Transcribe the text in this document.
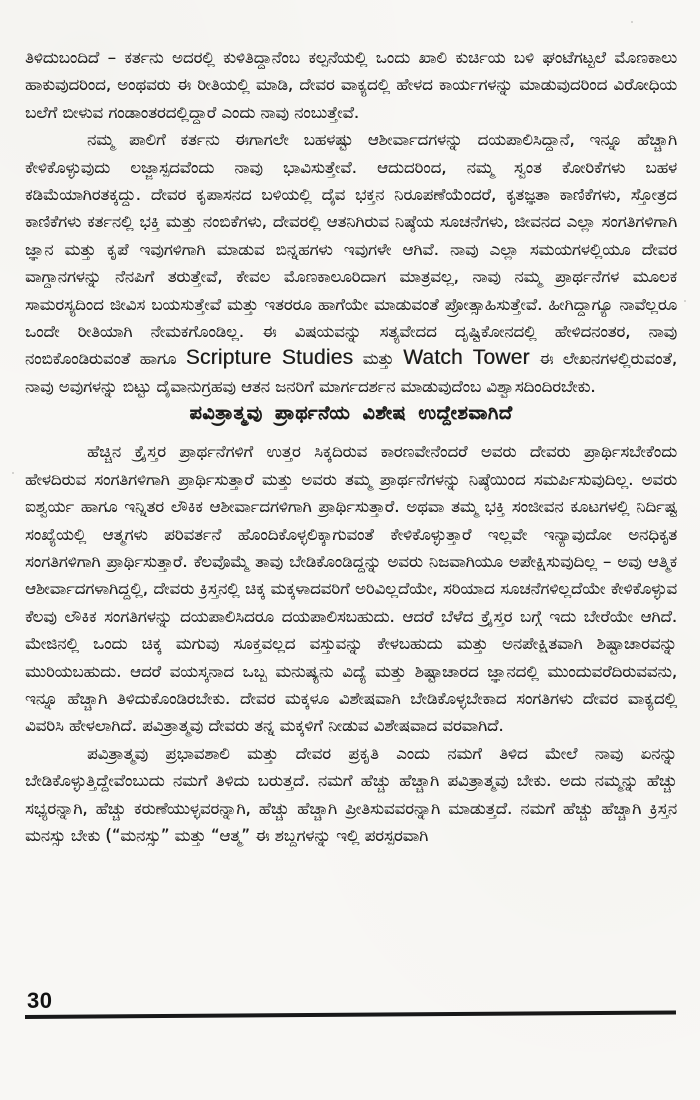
ತಿಳಿದುಬಂದಿದೆ – ಕರ್ತನು ಅದರಲ್ಲಿ ಕುಳಿತಿದ್ದಾನೆಂಬ ಕಲ್ಪನೆಯಲ್ಲಿ ಒಂದು ಖಾಲಿ ಕುರ್ಚಿಯ ಬಳಿ ಘಂಟೆಗಟ್ಟಲೆ ಮೊಣಕಾಲು ಹಾಕುವುದರಿಂದ, ಅಂಥವರು ಈ ರೀತಿಯಲ್ಲಿ ಮಾಡಿ, ದೇವರ ವಾಕ್ಯದಲ್ಲಿ ಹೇಳದ ಕಾರ್ಯಗಳನ್ನು ಮಾಡುವುದರಿಂದ ವಿರೋಧಿಯ ಬಲೆಗೆ ಬೀಳುವ ಗಂಡಾಂತರದಲ್ಲಿದ್ದಾರೆ ಎಂದು ನಾವು ನಂಬುತ್ತೇವೆ.

ನಮ್ಮ ಪಾಲಿಗೆ ಕರ್ತನು ಈಗಾಗಲೇ ಬಹಳಷ್ಟು ಆಶೀರ್ವಾದಗಳನ್ನು ದಯಪಾಲಿಸಿದ್ದಾನೆ, ಇನ್ನೂ ಹೆಚ್ಚಾಗಿ ಕೇಳಿಕೊಳ್ಳುವುದು ಲಜ್ಜಾಸ್ಪದವೆಂದು ನಾವು ಭಾವಿಸುತ್ತೇವೆ. ಆದುದರಿಂದ, ನಮ್ಮ ಸ್ವಂತ ಕೋರಿಕೆಗಳು ಬಹಳ ಕಡಿಮೆಯಾಗಿರತಕ್ಕದ್ದು. ದೇವರ ಕೃಪಾಸನದ ಬಳಿಯಲ್ಲಿ ದೈವ ಭಕ್ತನ ನಿರೂಪಣೆಯೆಂದರೆ, ಕೃತಜ್ಞತಾ ಕಾಣಿಕೆಗಳು, ಸ್ತೋತ್ರದ ಕಾಣಿಕೆಗಳು ಕರ್ತನಲ್ಲಿ ಭಕ್ತಿ ಮತ್ತು ನಂಬಿಕೆಗಳು, ದೇವರಲ್ಲಿ ಆತನಿಗಿರುವ ನಿಷ್ಠೆಯ ಸೂಚನೆಗಳು, ಜೀವನದ ಎಲ್ಲಾ ಸಂಗತಿಗಳಿಗಾಗಿ ಜ್ಞಾನ ಮತ್ತು ಕೃಪೆ ಇವುಗಳಿಗಾಗಿ ಮಾಡುವ ಬಿನ್ನಹಗಳು ಇವುಗಳೇ ಆಗಿವೆ. ನಾವು ಎಲ್ಲಾ ಸಮಯಗಳಲ್ಲಿಯೂ ದೇವರ ವಾಗ್ದಾನಗಳನ್ನು ನೆನಪಿಗೆ ತರುತ್ತೇವೆ, ಕೇವಲ ಮೊಣಕಾಲೂರಿದಾಗ ಮಾತ್ರವಲ್ಲ, ನಾವು ನಮ್ಮ ಪ್ರಾರ್ಥನೆಗಳ ಮೂಲಕ ಸಾಮರಸ್ಯದಿಂದ ಜೀವಿಸ ಬಯಸುತ್ತೇವೆ ಮತ್ತು ಇತರರೂ ಹಾಗೆಯೇ ಮಾಡುವಂತೆ ಪ್ರೋತ್ಸಾಹಿಸುತ್ತೇವೆ. ಹೀಗಿದ್ದಾಗ್ಯೂ ನಾವೆಲ್ಲರೂ ಒಂದೇ ರೀತಿಯಾಗಿ ನೇಮಕಗೊಂಡಿಲ್ಲ. ಈ ವಿಷಯವನ್ನು ಸತ್ಯವೇದದ ದೃಷ್ಟಿಕೋನದಲ್ಲಿ ಹೇಳಿದನಂತರ, ನಾವು ನಂಬಿಕೊಂಡಿರುವಂತೆ ಹಾಗೂ Scripture Studies ಮತ್ತು Watch Tower ಈ ಲೇಖನಗಳಲ್ಲಿರುವಂತೆ, ನಾವು ಅವುಗಳನ್ನು ಬಿಟ್ಟು ದೈವಾನುಗ್ರಹವು ಆತನ ಜನರಿಗೆ ಮಾರ್ಗದರ್ಶನ ಮಾಡುವುದೆಂಬ ವಿಶ್ವಾಸದಿಂದಿರಬೇಕು.

ಪವಿತ್ರಾತ್ಮವು ಪ್ರಾರ್ಥನೆಯ ವಿಶೇಷ ಉದ್ದೇಶವಾಗಿದೆ

ಹೆಚ್ಚಿನ ಕ್ರೈಸ್ತರ ಪ್ರಾರ್ಥನೆಗಳಿಗೆ ಉತ್ತರ ಸಿಕ್ಕದಿರುವ ಕಾರಣವೇನೆಂದರೆ ಅವರು ದೇವರು ಪ್ರಾರ್ಥಿಸಬೇಕೆಂದು ಹೇಳದಿರುವ ಸಂಗತಿಗಳಿಗಾಗಿ ಪ್ರಾರ್ಥಿಸುತ್ತಾರೆ ಮತ್ತು ಅವರು ತಮ್ಮ ಪ್ರಾರ್ಥನೆಗಳನ್ನು ನಿಷ್ಠೆಯಿಂದ ಸಮರ್ಪಿಸುವುದಿಲ್ಲ. ಅವರು ಐಶ್ವರ್ಯ ಹಾಗೂ ಇನ್ನಿತರ ಲೌಕಿಕ ಆಶೀರ್ವಾದಗಳಿಗಾಗಿ ಪ್ರಾರ್ಥಿಸುತ್ತಾರೆ. ಅಥವಾ ತಮ್ಮ ಭಕ್ತಿ ಸಂಜೀವನ ಕೂಟಗಳಲ್ಲಿ ನಿರ್ದಿಷ್ಟ ಸಂಖ್ಯೆಯಲ್ಲಿ ಆತ್ಮಗಳು ಪರಿವರ್ತನೆ ಹೊಂದಿಕೊಳ್ಳಲಿಕ್ಕಾಗುವಂತೆ ಕೇಳಿಕೊಳ್ಳುತ್ತಾರೆ ಇಲ್ಲವೇ ಇನ್ಯಾವುದೋ ಅನಧಿಕೃತ ಸಂಗತಿಗಳಿಗಾಗಿ ಪ್ರಾರ್ಥಿಸುತ್ತಾರೆ. ಕೆಲವೊಮ್ಮೆ ತಾವು ಬೇಡಿಕೊಂಡಿದ್ದನ್ನು ಅವರು ನಿಜವಾಗಿಯೂ ಅಪೇಕ್ಷಿಸುವುದಿಲ್ಲ – ಅವು ಆತ್ಮಿಕ ಆಶೀರ್ವಾದಗಳಾಗಿದ್ದಲ್ಲಿ, ದೇವರು ಕ್ರಿಸ್ತನಲ್ಲಿ ಚಿಕ್ಕ ಮಕ್ಕಳಾದವರಿಗೆ ಅರಿವಿಲ್ಲದೆಯೇ, ಸರಿಯಾದ ಸೂಚನೆಗಳಿಲ್ಲದೆಯೇ ಕೇಳಿಕೊಳ್ಳುವ ಕೆಲವು ಲೌಕಿಕ ಸಂಗತಿಗಳನ್ನು ದಯಪಾಲಿಸಿದರೂ ದಯಪಾಲಿಸಬಹುದು. ಆದರೆ ಬೆಳೆದ ಕ್ರೈಸ್ತರ ಬಗ್ಗೆ ಇದು ಬೇರೆಯೇ ಆಗಿದೆ. ಮೇಜಿನಲ್ಲಿ ಒಂದು ಚಿಕ್ಕ ಮಗುವು ಸೂಕ್ತವಲ್ಲದ ವಸ್ತುವನ್ನು ಕೇಳಬಹುದು ಮತ್ತು ಅನಪೇಕ್ಷಿತವಾಗಿ ಶಿಷ್ಟಾಚಾರವನ್ನು ಮುರಿಯಬಹುದು. ಆದರೆ ವಯಸ್ಕನಾದ ಒಬ್ಬ ಮನುಷ್ಯನು ವಿದ್ಯೆ ಮತ್ತು ಶಿಷ್ಟಾಚಾರದ ಜ್ಞಾನದಲ್ಲಿ ಮುಂದುವರೆದಿರುವವನು, ಇನ್ನೂ ಹೆಚ್ಚಾಗಿ ತಿಳಿದುಕೊಂಡಿರಬೇಕು. ದೇವರ ಮಕ್ಕಳೂ ವಿಶೇಷವಾಗಿ ಬೇಡಿಕೊಳ್ಳಬೇಕಾದ ಸಂಗತಿಗಳು ದೇವರ ವಾಕ್ಯದಲ್ಲಿ ವಿವರಿಸಿ ಹೇಳಲಾಗಿದೆ. ಪವಿತ್ರಾತ್ಮವು ದೇವರು ತನ್ನ ಮಕ್ಕಳಿಗೆ ನೀಡುವ ವಿಶೇಷವಾದ ವರವಾಗಿದೆ.

ಪವಿತ್ರಾತ್ಮವು ಪ್ರಭಾವಶಾಲಿ ಮತ್ತು ದೇವರ ಪ್ರಕೃತಿ ಎಂದು ನಮಗೆ ತಿಳಿದ ಮೇಲೆ ನಾವು ಏನನ್ನು ಬೇಡಿಕೊಳ್ಳುತ್ತಿದ್ದೇವೆಂಬುದು ನಮಗೆ ತಿಳಿದು ಬರುತ್ತದೆ. ನಮಗೆ ಹೆಚ್ಚು ಹೆಚ್ಚಾಗಿ ಪವಿತ್ರಾತ್ಮವು ಬೇಕು. ಅದು ನಮ್ಮನ್ನು ಹೆಚ್ಚು ಸಭ್ಯರನ್ನಾಗಿ, ಹೆಚ್ಚು ಕರುಣೆಯುಳ್ಳವರನ್ನಾಗಿ, ಹೆಚ್ಚು ಹೆಚ್ಚಾಗಿ ಪ್ರೀತಿಸುವವರನ್ನಾಗಿ ಮಾಡುತ್ತದೆ. ನಮಗೆ ಹೆಚ್ಚು ಹೆಚ್ಚಾಗಿ ಕ್ರಿಸ್ತನ ಮನಸ್ಸು ಬೇಕು (“ಮನಸ್ಸು” ಮತ್ತು “ಆತ್ಮ” ಈ ಶಬ್ದಗಳನ್ನು ಇಲ್ಲಿ ಪರಸ್ಪರವಾಗಿ

30
